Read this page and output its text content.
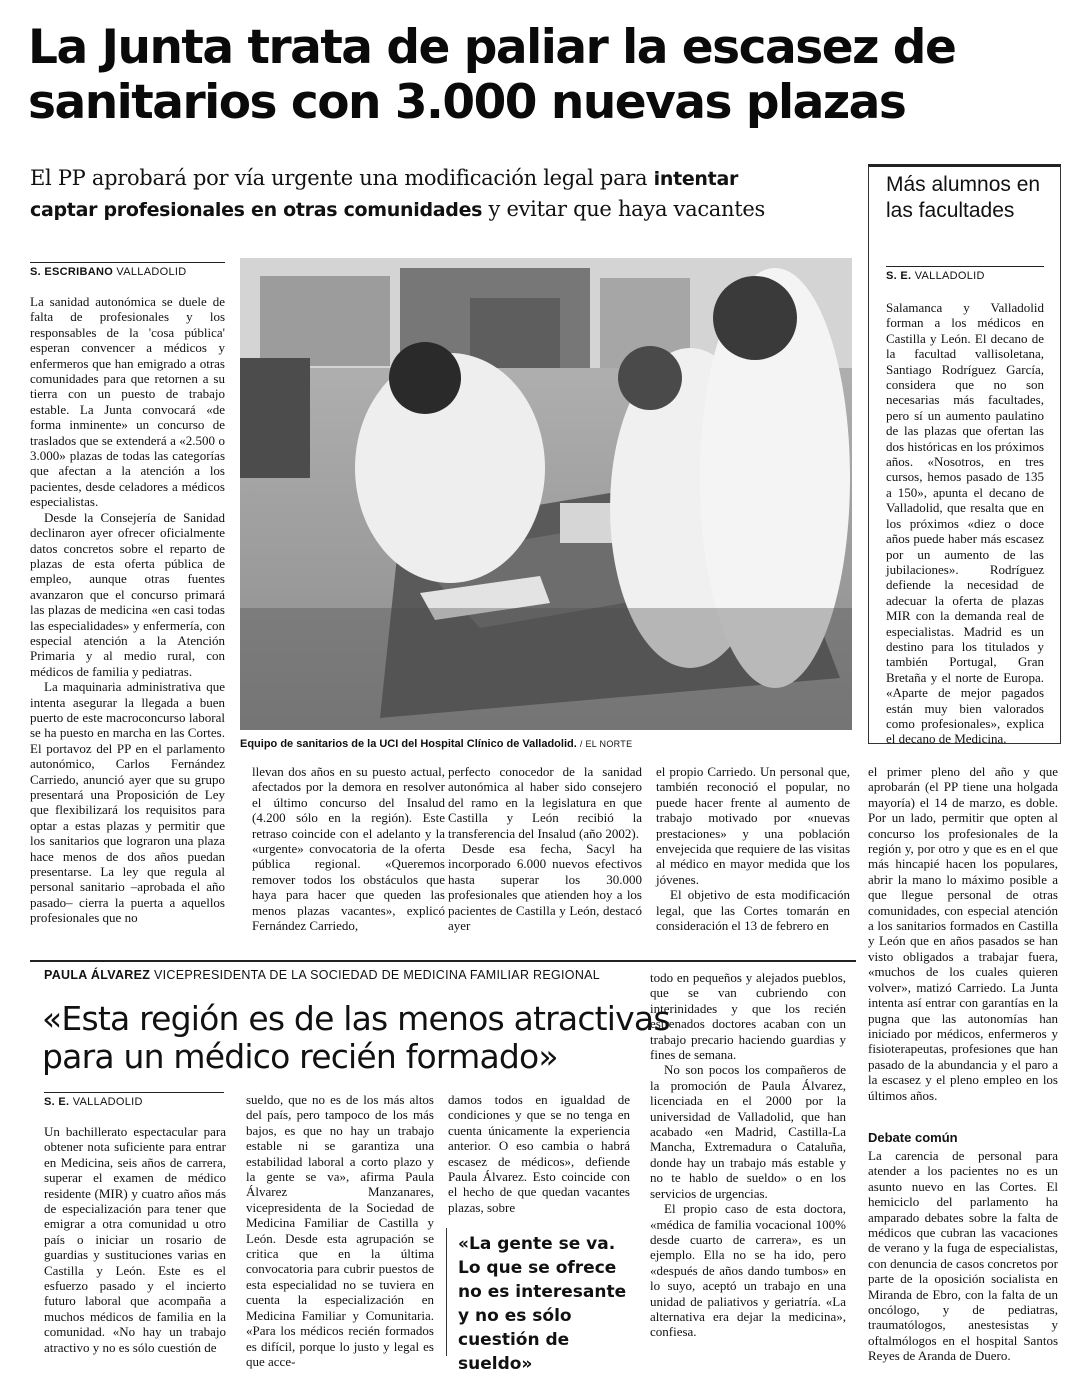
La Junta trata de paliar la escasez de
sanitarios con 3.000 nuevas plazas
El PP aprobará por vía urgente una modificación legal para intentar
captar profesionales en otras comunidades y evitar que haya vacantes
Más alumnos en las facultades
S. E. VALLADOLID

Salamanca y Valladolid forman a los médicos en Castilla y León. El decano de la facultad vallisoletana, Santiago Rodríguez García, considera que no son necesarias más facultades, pero sí un aumento paulatino de las plazas que ofertan las dos históricas en los próximos años. «Nosotros, en tres cursos, hemos pasado de 135 a 150», apunta el decano de Valladolid, que resalta que en los próximos «diez o doce años puede haber más escasez por un aumento de las jubilaciones». Rodríguez defiende la necesidad de adecuar la oferta de plazas MIR con la demanda real de especialistas. Madrid es un destino para los titulados y también Portugal, Gran Bretaña y el norte de Europa. «Aparte de mejor pagados están muy bien valorados como profesionales», explica el decano de Medicina.

S. ESCRIBANO VALLADOLID

La sanidad autonómica se duele de falta de profesionales y los responsables de la 'cosa pública' esperan convencer a médicos y enfermeros que han emigrado a otras comunidades para que retornen a su tierra con un puesto de trabajo estable. La Junta convocará «de forma inminente» un concurso de traslados que se extenderá a «2.500 o 3.000» plazas de todas las categorías que afectan a la atención a los pacientes, desde celadores a médicos especialistas.

Desde la Consejería de Sanidad declinaron ayer ofrecer oficialmente datos concretos sobre el reparto de plazas de esta oferta pública de empleo, aunque otras fuentes avanzaron que el concurso primará las plazas de medicina «en casi todas las especialidades» y enfermería, con especial atención a la Atención Primaria y al medio rural, con médicos de familia y pediatras.

La maquinaria administrativa que intenta asegurar la llegada a buen puerto de este macroconcurso laboral se ha puesto en marcha en las Cortes. El portavoz del PP en el parlamento autonómico, Carlos Fernández Carriedo, anunció ayer que su grupo presentará una Proposición de Ley que flexibilizará los requisitos para optar a estas plazas y permitir que los sanitarios que lograron una plaza hace menos de dos años puedan presentarse. La ley que regula al personal sanitario –aprobada el año pasado– cierra la puerta a aquellos profesionales que no

Equipo de sanitarios de la UCI del Hospital Clínico de Valladolid. / EL NORTE

llevan dos años en su puesto actual, afectados por la demora en resolver el último concurso del Insalud (4.200 sólo en la región). Este retraso coincide con el adelanto y la «urgente» convocatoria de la oferta pública regional. «Queremos remover todos los obstáculos que haya para hacer que queden las menos plazas vacantes», explicó Fernández Carriedo,

perfecto conocedor de la sanidad autonómica al haber sido consejero del ramo en la legislatura en que Castilla y León recibió la transferencia del Insalud (año 2002).

Desde esa fecha, Sacyl ha incorporado 6.000 nuevos efectivos hasta superar los 30.000 profesionales que atienden hoy a los pacientes de Castilla y León, destacó ayer

el propio Carriedo. Un personal que, también reconoció el popular, no puede hacer frente al aumento de trabajo motivado por «nuevas prestaciones» y una población envejecida que requiere de las visitas al médico en mayor medida que los jóvenes.

El objetivo de esta modificación legal, que las Cortes tomarán en consideración el 13 de febrero en

el primer pleno del año y que aprobarán (el PP tiene una holgada mayoría) el 14 de marzo, es doble. Por un lado, permitir que opten al concurso los profesionales de la región y, por otro y que es en el que más hincapié hacen los populares, abrir la mano lo máximo posible a que llegue personal de otras comunidades, con especial atención a los sanitarios formados en Castilla y León que en años pasados se han visto obligados a trabajar fuera, «muchos de los cuales quieren volver», matizó Carriedo. La Junta intenta así entrar con garantías en la pugna que las autonomías han iniciado por médicos, enfermeros y fisioterapeutas, profesiones que han pasado de la abundancia y el paro a la escasez y el pleno empleo en los últimos años.

Debate común

La carencia de personal para atender a los pacientes no es un asunto nuevo en las Cortes. El hemiciclo del parlamento ha amparado debates sobre la falta de médicos que cubran las vacaciones de verano y la fuga de especialistas, con denuncia de casos concretos por parte de la oposición socialista en Miranda de Ebro, con la falta de un oncólogo, y de pediatras, traumatólogos, anestesistas y oftalmólogos en el hospital Santos Reyes de Aranda de Duero.

PAULA ÁLVAREZ VICEPRESIDENTA DE LA SOCIEDAD DE MEDICINA FAMILIAR REGIONAL
«Esta región es de las menos atractivas
para un médico recién formado»
S. E. VALLADOLID

Un bachillerato espectacular para obtener nota suficiente para entrar en Medicina, seis años de carrera, superar el examen de médico residente (MIR) y cuatro años más de especialización para tener que emigrar a otra comunidad u otro país o iniciar un rosario de guardias y sustituciones varias en Castilla y León. Este es el esfuerzo pasado y el incierto futuro laboral que acompaña a muchos médicos de familia en la comunidad. «No hay un trabajo atractivo y no es sólo cuestión de

sueldo, que no es de los más altos del país, pero tampoco de los más bajos, es que no hay un trabajo estable ni se garantiza una estabilidad laboral a corto plazo y la gente se va», afirma Paula Álvarez Manzanares, vicepresidenta de la Sociedad de Medicina Familiar de Castilla y León. Desde esta agrupación se critica que en la última convocatoria para cubrir puestos de esta especialidad no se tuviera en cuenta la especialización en Medicina Familiar y Comunitaria. «Para los médicos recién formados es difícil, porque lo justo y legal es que acce-

damos todos en igualdad de condiciones y que se no tenga en cuenta únicamente la experiencia anterior. O eso cambia o habrá escasez de médicos», defiende Paula Álvarez. Esto coincide con el hecho de que quedan vacantes plazas, sobre

«La gente se va. Lo que se ofrece no es interesante y no es sólo cuestión de sueldo»

todo en pequeños y alejados pueblos, que se van cubriendo con interinidades y que los recién estrenados doctores acaban con un trabajo precario haciendo guardias y fines de semana.

No son pocos los compañeros de la promoción de Paula Álvarez, licenciada en el 2000 por la universidad de Valladolid, que han acabado «en Madrid, Castilla-La Mancha, Extremadura o Cataluña, donde hay un trabajo más estable y no te hablo de sueldo» o en los servicios de urgencias.

El propio caso de esta doctora, «médica de familia vocacional 100% desde cuarto de carrera», es un ejemplo. Ella no se ha ido, pero «después de años dando tumbos» en lo suyo, aceptó un trabajo en una unidad de paliativos y geriatría. «La alternativa era dejar la medicina», confiesa.
